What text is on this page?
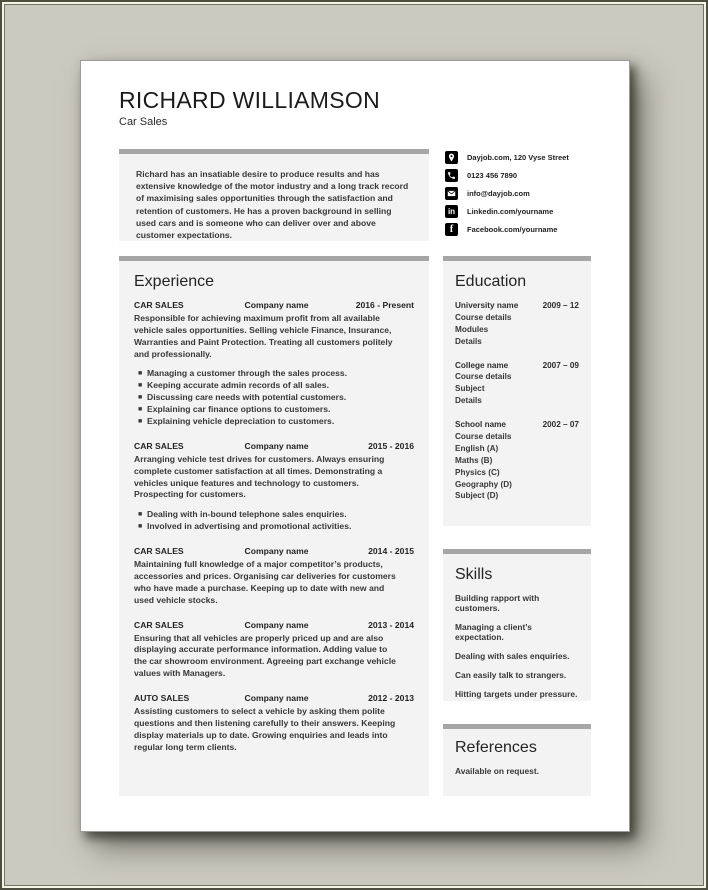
RICHARD WILLIAMSON
Car Sales
Richard has an insatiable desire to produce results and has extensive knowledge of the motor industry and a long track record of maximising sales opportunities through the satisfaction and retention of customers. He has a proven background in selling used cars and is someone who can deliver over and above customer expectations.
Dayjob.com, 120 Vyse Street
0123 456 7890
info@dayjob.com
in Linkedin.com/yourname
f Facebook.com/yourname
Experience
CAR SALES	Company name	2016 - Present
Responsible for achieving maximum profit from all available vehicle sales opportunities. Selling vehicle Finance, Insurance, Warranties and Paint Protection. Treating all customers politely and professionally.
■ Managing a customer through the sales process.
■ Keeping accurate admin records of all sales.
■ Discussing care needs with potential customers.
■ Explaining car finance options to customers.
■ Explaining vehicle depreciation to customers.
CAR SALES	Company name	2015 - 2016
Arranging vehicle test drives for customers. Always ensuring complete customer satisfaction at all times. Demonstrating a vehicles unique features and technology to customers. Prospecting for customers.
■ Dealing with in-bound telephone sales enquiries.
■ Involved in advertising and promotional activities.
CAR SALES	Company name	2014 - 2015
Maintaining full knowledge of a major competitor’s products, accessories and prices. Organising car deliveries for customers who have made a purchase. Keeping up to date with new and used vehicle stocks.
CAR SALES	Company name	2013 - 2014
Ensuring that all vehicles are properly priced up and are also displaying accurate performance information. Adding value to the car showroom environment. Agreeing part exchange vehicle values with Managers.
AUTO SALES	Company name	2012 - 2013
Assisting customers to select a vehicle by asking them polite questions and then listening carefully to their answers. Keeping display materials up to date. Growing enquiries and leads into regular long term clients.
Education
University name	2009 – 12
Course details
Modules
Details
College name	2007 – 09
Course details
Subject
Details
School name	2002 – 07
Course details
English (A)
Maths (B)
Physics (C)
Geography (D)
Subject (D)
Skills
Building rapport with customers.
Managing a client’s expectation.
Dealing with sales enquiries.
Can easily talk to strangers.
Hitting targets under pressure.
References
Available on request.
